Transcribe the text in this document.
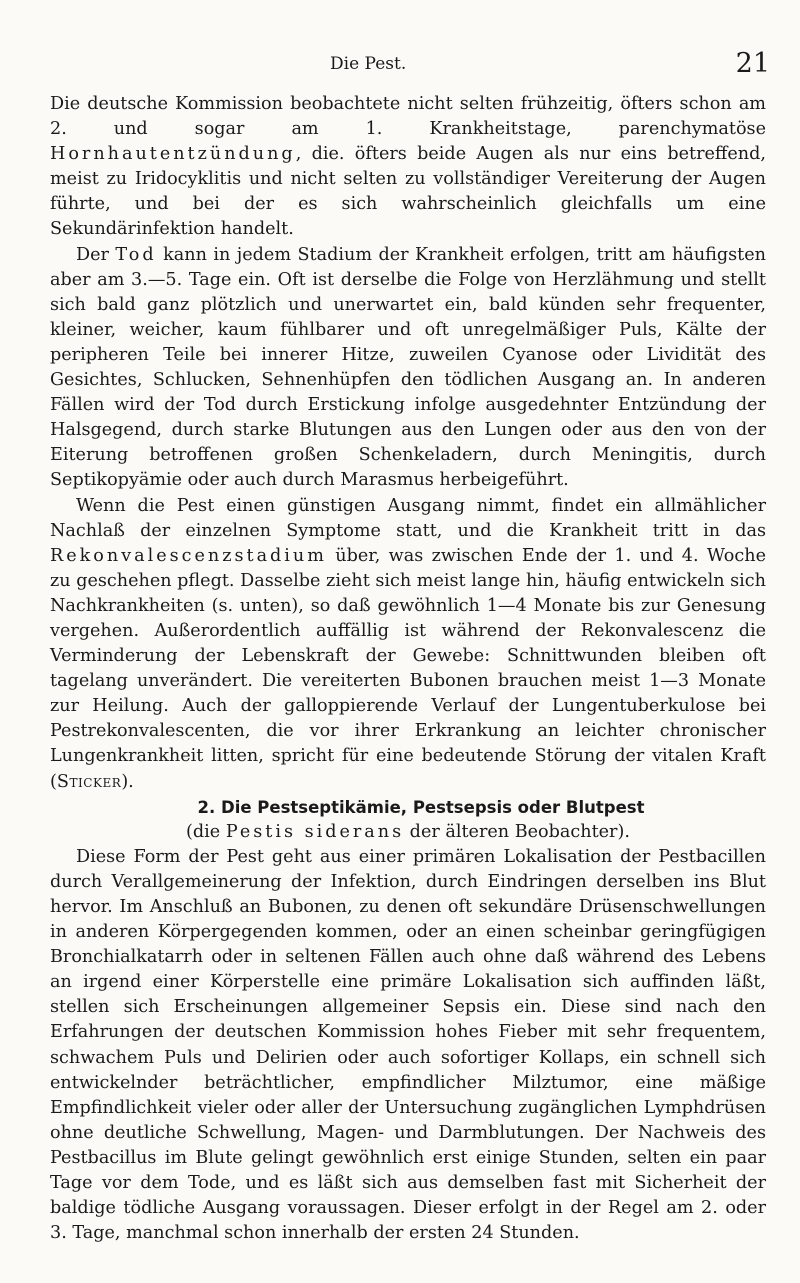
Die Pest.	21

Die deutsche Kommission beobachtete nicht selten frühzeitig, öfters schon am 2. und sogar am 1. Krankheitstage, parenchymatöse Hornhautentzündung, die. öfters beide Augen als nur eins betreffend, meist zu Iridocyklitis und nicht selten zu vollständiger Vereiterung der Augen führte, und bei der es sich wahrscheinlich gleichfalls um eine Sekundärinfektion handelt.

Der Tod kann in jedem Stadium der Krankheit erfolgen, tritt am häufigsten aber am 3.—5. Tage ein. Oft ist derselbe die Folge von Herzlähmung und stellt sich bald ganz plötzlich und unerwartet ein, bald künden sehr frequenter, kleiner, weicher, kaum fühlbarer und oft unregelmäßiger Puls, Kälte der peripheren Teile bei innerer Hitze, zuweilen Cyanose oder Lividität des Gesichtes, Schlucken, Sehnenhüpfen den tödlichen Ausgang an. In anderen Fällen wird der Tod durch Erstickung infolge ausgedehnter Entzündung der Halsgegend, durch starke Blutungen aus den Lungen oder aus den von der Eiterung betroffenen großen Schenkeladern, durch Meningitis, durch Septikopyämie oder auch durch Marasmus herbeigeführt.

Wenn die Pest einen günstigen Ausgang nimmt, findet ein allmählicher Nachlaß der einzelnen Symptome statt, und die Krankheit tritt in das Rekonvalescenzstadium über, was zwischen Ende der 1. und 4. Woche zu geschehen pflegt. Dasselbe zieht sich meist lange hin, häufig entwickeln sich Nachkrankheiten (s. unten), so daß gewöhnlich 1—4 Monate bis zur Genesung vergehen. Außerordentlich auffällig ist während der Rekonvalescenz die Verminderung der Lebenskraft der Gewebe: Schnittwunden bleiben oft tagelang unverändert. Die vereiterten Bubonen brauchen meist 1—3 Monate zur Heilung. Auch der galloppierende Verlauf der Lungentuberkulose bei Pestrekonvalescenten, die vor ihrer Erkrankung an leichter chronischer Lungenkrankheit litten, spricht für eine bedeutende Störung der vitalen Kraft (Sticker).

2. Die Pestseptikämie, Pestsepsis oder Blutpest

(die Pestis siderans der älteren Beobachter).

Diese Form der Pest geht aus einer primären Lokalisation der Pestbacillen durch Verallgemeinerung der Infektion, durch Eindringen derselben ins Blut hervor. Im Anschluß an Bubonen, zu denen oft sekundäre Drüsenschwellungen in anderen Körpergegenden kommen, oder an einen scheinbar geringfügigen Bronchialkatarrh oder in seltenen Fällen auch ohne daß während des Lebens an irgend einer Körperstelle eine primäre Lokalisation sich auffinden läßt, stellen sich Erscheinungen allgemeiner Sepsis ein. Diese sind nach den Erfahrungen der deutschen Kommission hohes Fieber mit sehr frequentem, schwachem Puls und Delirien oder auch sofortiger Kollaps, ein schnell sich entwickelnder beträchtlicher, empfindlicher Milztumor, eine mäßige Empfindlichkeit vieler oder aller der Untersuchung zugänglichen Lymphdrüsen ohne deutliche Schwellung, Magen- und Darmblutungen. Der Nachweis des Pestbacillus im Blute gelingt gewöhnlich erst einige Stunden, selten ein paar Tage vor dem Tode, und es läßt sich aus demselben fast mit Sicherheit der baldige tödliche Ausgang voraussagen. Dieser erfolgt in der Regel am 2. oder 3. Tage, manchmal schon innerhalb der ersten 24 Stunden.
